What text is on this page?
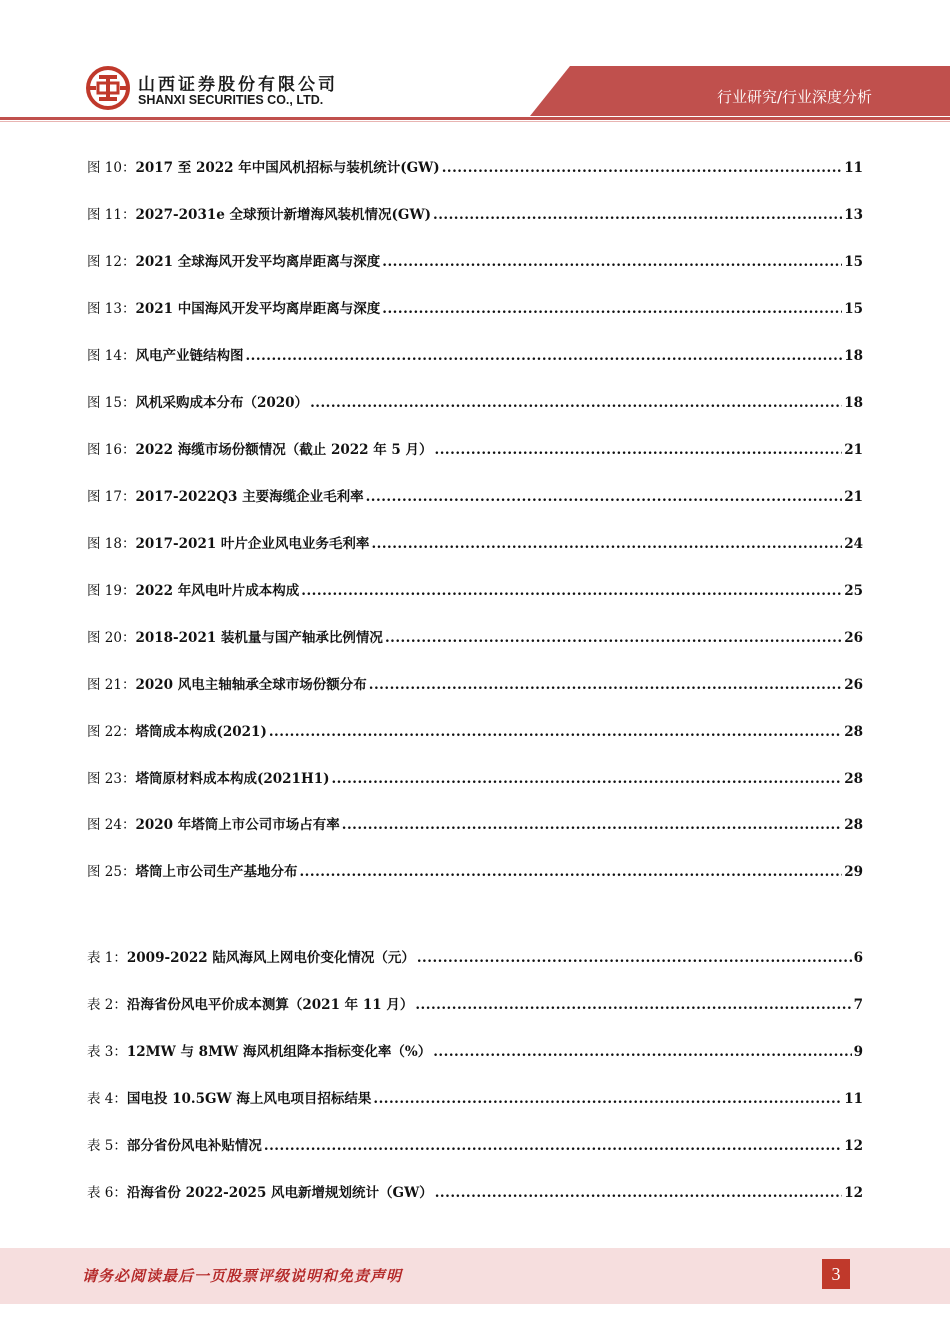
山西证券股份有限公司
SHANXI SECURITIES CO., LTD.	行业研究/行业深度分析
图 10： 2017 至 2022 年中国风机招标与装机统计(GW) .....	11
图 11： 2027-2031e 全球预计新增海风装机情况(GW) .....	13
图 12： 2021 全球海风开发平均离岸距离与深度 .....	15
图 13： 2021 中国海风开发平均离岸距离与深度 .....	15
图 14： 风电产业链结构图 .....	18
图 15： 风机采购成本分布（2020） .....	18
图 16： 2022 海缆市场份额情况（截止 2022 年 5 月） .....	21
图 17： 2017-2022Q3 主要海缆企业毛利率 .....	21
图 18： 2017-2021 叶片企业风电业务毛利率 .....	24
图 19： 2022 年风电叶片成本构成 .....	25
图 20： 2018-2021 装机量与国产轴承比例情况 .....	26
图 21： 2020 风电主轴轴承全球市场份额分布 .....	26
图 22： 塔筒成本构成(2021) .....	28
图 23： 塔筒原材料成本构成(2021H1) .....	28
图 24： 2020 年塔筒上市公司市场占有率 .....	28
图 25： 塔筒上市公司生产基地分布 .....	29
表 1： 2009-2022 陆风海风上网电价变化情况（元） .....	6
表 2： 沿海省份风电平价成本测算（2021 年 11 月） .....	7
表 3： 12MW 与 8MW 海风机组降本指标变化率（%） .....	9
表 4： 国电投 10.5GW 海上风电项目招标结果 .....	11
表 5： 部分省份风电补贴情况 .....	12
表 6： 沿海省份 2022-2025 风电新增规划统计（GW） .....	12
请务必阅读最后一页股票评级说明和免责声明	3
